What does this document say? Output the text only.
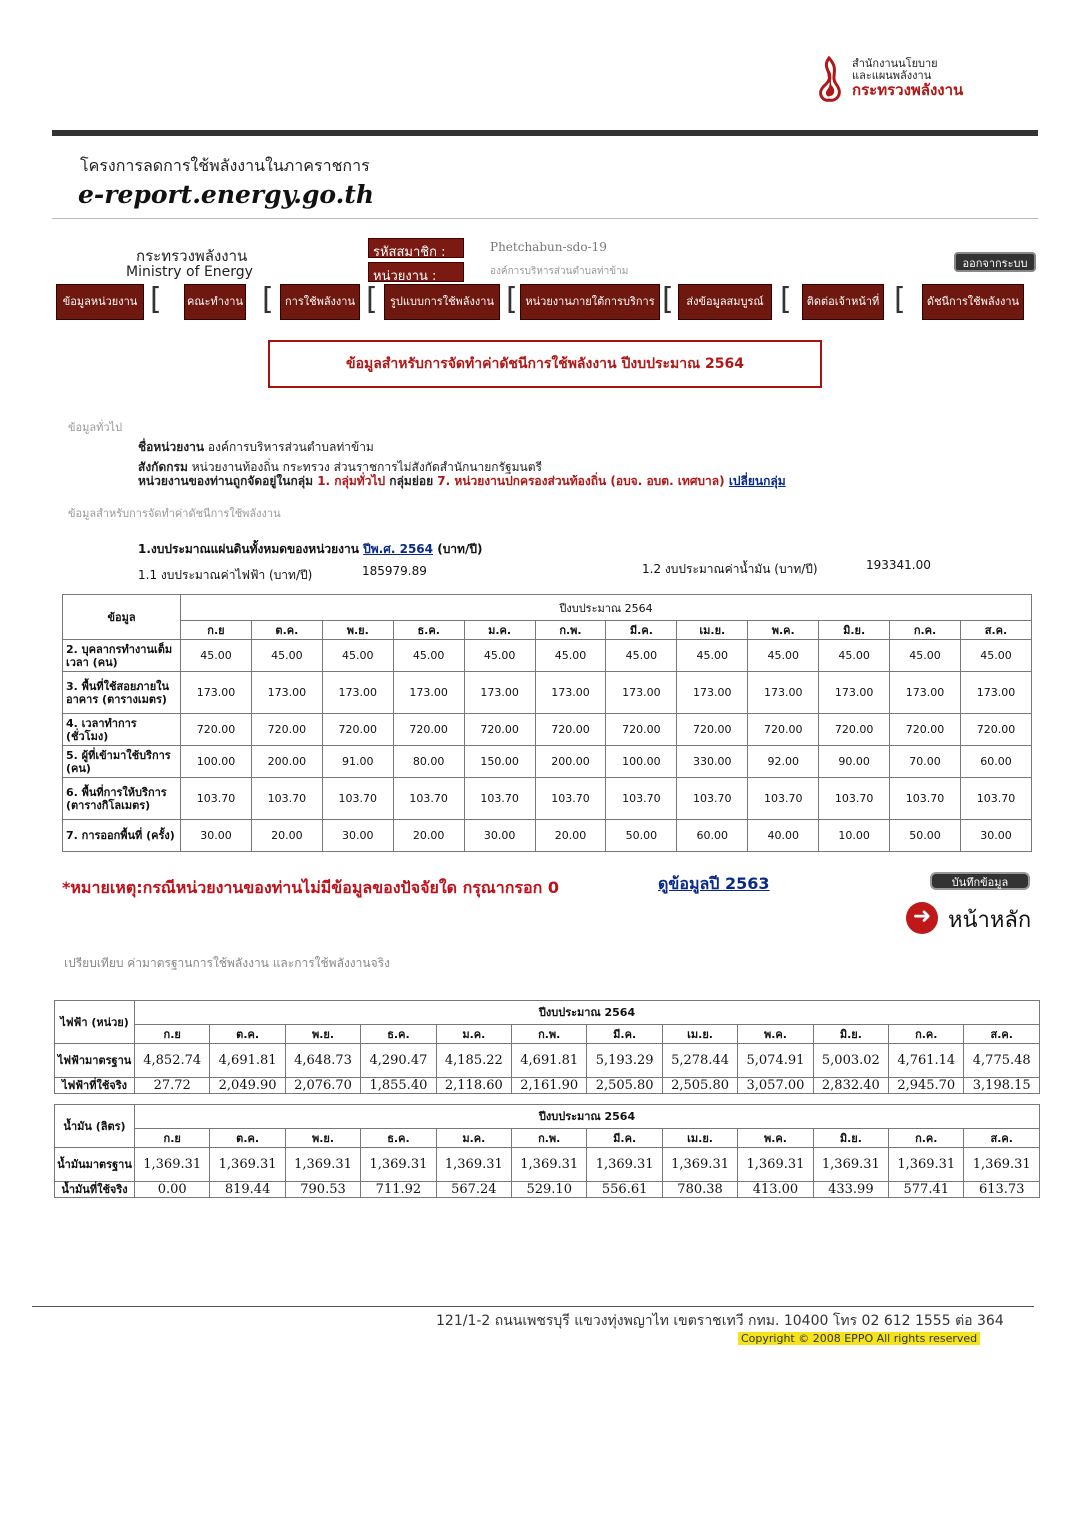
สำนักงานนโยบาย
และแผนพลังงาน
กระทรวงพลังงาน
โครงการลดการใช้พลังงานในภาคราชการ
e-report.energy.go.th
กระทรวงพลังงาน
Ministry of Energy
รหัสสมาชิก :
หน่วยงาน :
Phetchabun-sdo-19
องค์การบริหารส่วนตำบลท่าข้าม
ออกจากระบบ
ข้อมูลหน่วยงาน [ คณะทำงาน [	การใช้พลังงาน [	รูปแบบการใช้พลังงาน [ หน่วยงานภายใต้การบริการ [	ส่งข้อมูลสมบูรณ์ [	ติดต่อเจ้าหน้าที่ [	ดัชนีการใช้พลังงาน
ข้อมูลสำหรับการจัดทำค่าดัชนีการใช้พลังงาน ปีงบประมาณ 2564
ข้อมูลทั่วไป
ชื่อหน่วยงาน องค์การบริหารส่วนตำบลท่าข้าม
สังกัดกรม หน่วยงานท้องถิ่น กระทรวง ส่วนราชการไม่สังกัดสำนักนายกรัฐมนตรี
หน่วยงานของท่านถูกจัดอยู่ในกลุ่ม 1. กลุ่มทั่วไป กลุ่มย่อย 7. หน่วยงานปกครองส่วนท้องถิ่น (อบจ. อบต. เทศบาล) เปลี่ยนกลุ่ม
ข้อมูลสำหรับการจัดทำค่าดัชนีการใช้พลังงาน
1.งบประมาณแผ่นดินทั้งหมดของหน่วยงาน ปีพ.ศ. 2564 (บาท/ปี)
1.1 งบประมาณค่าไฟฟ้า (บาท/ปี)	185979.89	1.2 งบประมาณค่าน้ำมัน (บาท/ปี)	193341.00
ข้อมูล	ปีงบประมาณ 2564											
	ก.ย	ต.ค.	พ.ย.	ธ.ค.	ม.ค.	ก.พ.	มี.ค.	เม.ย.	พ.ค.	มิ.ย.	ก.ค.	ส.ค.
2. บุคลากรทำงานเต็มเวลา (คน)	45.00	45.00	45.00	45.00	45.00	45.00	45.00	45.00	45.00	45.00	45.00	45.00
3. พื้นที่ใช้สอยภายในอาคาร (ตารางเมตร)	173.00	173.00	173.00	173.00	173.00	173.00	173.00	173.00	173.00	173.00	173.00	173.00
4. เวลาทำการ (ชั่วโมง)	720.00	720.00	720.00	720.00	720.00	720.00	720.00	720.00	720.00	720.00	720.00	720.00
5. ผู้ที่เข้ามาใช้บริการ (คน)	100.00	200.00	91.00	80.00	150.00	200.00	100.00	330.00	92.00	90.00	70.00	60.00
6. พื้นที่การให้บริการ (ตารางกิโลเมตร)	103.70	103.70	103.70	103.70	103.70	103.70	103.70	103.70	103.70	103.70	103.70	103.70
7. การออกพื้นที่ (ครั้ง)	30.00	20.00	30.00	20.00	30.00	20.00	50.00	60.00	40.00	10.00	50.00	30.00
*หมายเหตุ:กรณีหน่วยงานของท่านไม่มีข้อมูลของปัจจัยใด กรุณากรอก 0	ดูข้อมูลปี 2563	บันทึกข้อมูล
➜ หน้าหลัก
เปรียบเทียบ ค่ามาตรฐานการใช้พลังงาน และการใช้พลังงานจริง
ไฟฟ้า (หน่วย)	ปีงบประมาณ 2564											
	ก.ย	ต.ค.	พ.ย.	ธ.ค.	ม.ค.	ก.พ.	มี.ค.	เม.ย.	พ.ค.	มิ.ย.	ก.ค.	ส.ค.
ไฟฟ้ามาตรฐาน	4,852.74	4,691.81	4,648.73	4,290.47	4,185.22	4,691.81	5,193.29	5,278.44	5,074.91	5,003.02	4,761.14	4,775.48
ไฟฟ้าที่ใช้จริง	27.72	2,049.90	2,076.70	1,855.40	2,118.60	2,161.90	2,505.80	2,505.80	3,057.00	2,832.40	2,945.70	3,198.15
น้ำมัน (ลิตร)	ปีงบประมาณ 2564											
	ก.ย	ต.ค.	พ.ย.	ธ.ค.	ม.ค.	ก.พ.	มี.ค.	เม.ย.	พ.ค.	มิ.ย.	ก.ค.	ส.ค.
น้ำมันมาตรฐาน	1,369.31	1,369.31	1,369.31	1,369.31	1,369.31	1,369.31	1,369.31	1,369.31	1,369.31	1,369.31	1,369.31	1,369.31
น้ำมันที่ใช้จริง	0.00	819.44	790.53	711.92	567.24	529.10	556.61	780.38	413.00	433.99	577.41	613.73
121/1-2 ถนนเพชรบุรี แขวงทุ่งพญาไท เขตราชเทวี กทม. 10400 โทร 02 612 1555 ต่อ 364
Copyright © 2008 EPPO All rights reserved
